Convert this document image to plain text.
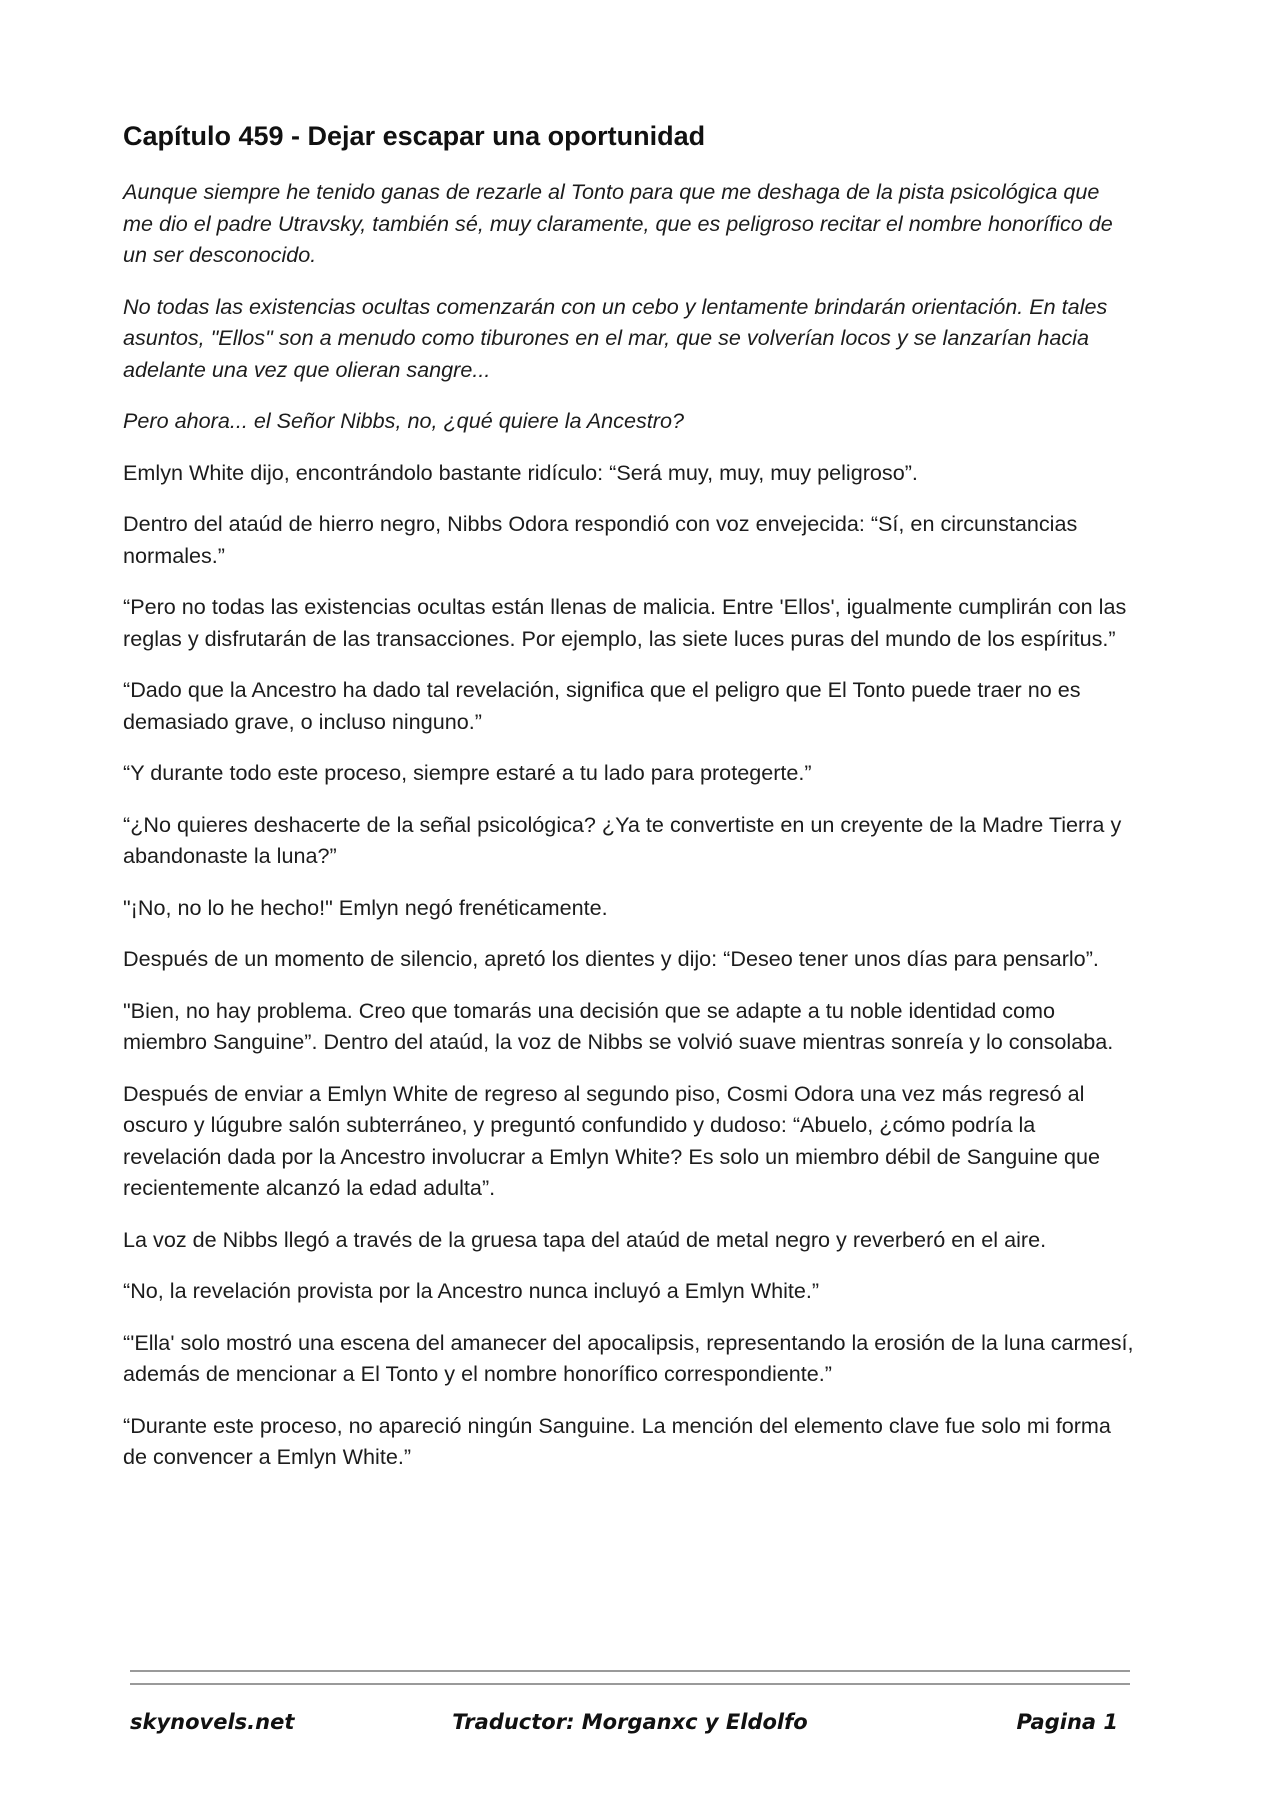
Capítulo 459 - Dejar escapar una oportunidad

Aunque siempre he tenido ganas de rezarle al Tonto para que me deshaga de la pista psicológica que me dio el padre Utravsky, también sé, muy claramente, que es peligroso recitar el nombre honorífico de un ser desconocido.

No todas las existencias ocultas comenzarán con un cebo y lentamente brindarán orientación. En tales asuntos, "Ellos" son a menudo como tiburones en el mar, que se volverían locos y se lanzarían hacia adelante una vez que olieran sangre...

Pero ahora... el Señor Nibbs, no, ¿qué quiere la Ancestro?

Emlyn White dijo, encontrándolo bastante ridículo: “Será muy, muy, muy peligroso”.

Dentro del ataúd de hierro negro, Nibbs Odora respondió con voz envejecida: “Sí, en circunstancias normales.”

“Pero no todas las existencias ocultas están llenas de malicia. Entre 'Ellos', igualmente cumplirán con las reglas y disfrutarán de las transacciones. Por ejemplo, las siete luces puras del mundo de los espíritus.”

“Dado que la Ancestro ha dado tal revelación, significa que el peligro que El Tonto puede traer no es demasiado grave, o incluso ninguno.”

“Y durante todo este proceso, siempre estaré a tu lado para protegerte.”

“¿No quieres deshacerte de la señal psicológica? ¿Ya te convertiste en un creyente de la Madre Tierra y abandonaste la luna?”

"¡No, no lo he hecho!" Emlyn negó frenéticamente.

Después de un momento de silencio, apretó los dientes y dijo: “Deseo tener unos días para pensarlo”.

"Bien, no hay problema. Creo que tomarás una decisión que se adapte a tu noble identidad como miembro Sanguine”. Dentro del ataúd, la voz de Nibbs se volvió suave mientras sonreía y lo consolaba.

Después de enviar a Emlyn White de regreso al segundo piso, Cosmi Odora una vez más regresó al oscuro y lúgubre salón subterráneo, y preguntó confundido y dudoso: “Abuelo, ¿cómo podría la revelación dada por la Ancestro involucrar a Emlyn White? Es solo un miembro débil de Sanguine que recientemente alcanzó la edad adulta”.

La voz de Nibbs llegó a través de la gruesa tapa del ataúd de metal negro y reverberó en el aire.

“No, la revelación provista por la Ancestro nunca incluyó a Emlyn White.”

“'Ella' solo mostró una escena del amanecer del apocalipsis, representando la erosión de la luna carmesí, además de mencionar a El Tonto y el nombre honorífico correspondiente.”

“Durante este proceso, no apareció ningún Sanguine. La mención del elemento clave fue solo mi forma de convencer a Emlyn White.”

skynovels.net	Traductor: Morganxc y Eldolfo	Pagina 1
